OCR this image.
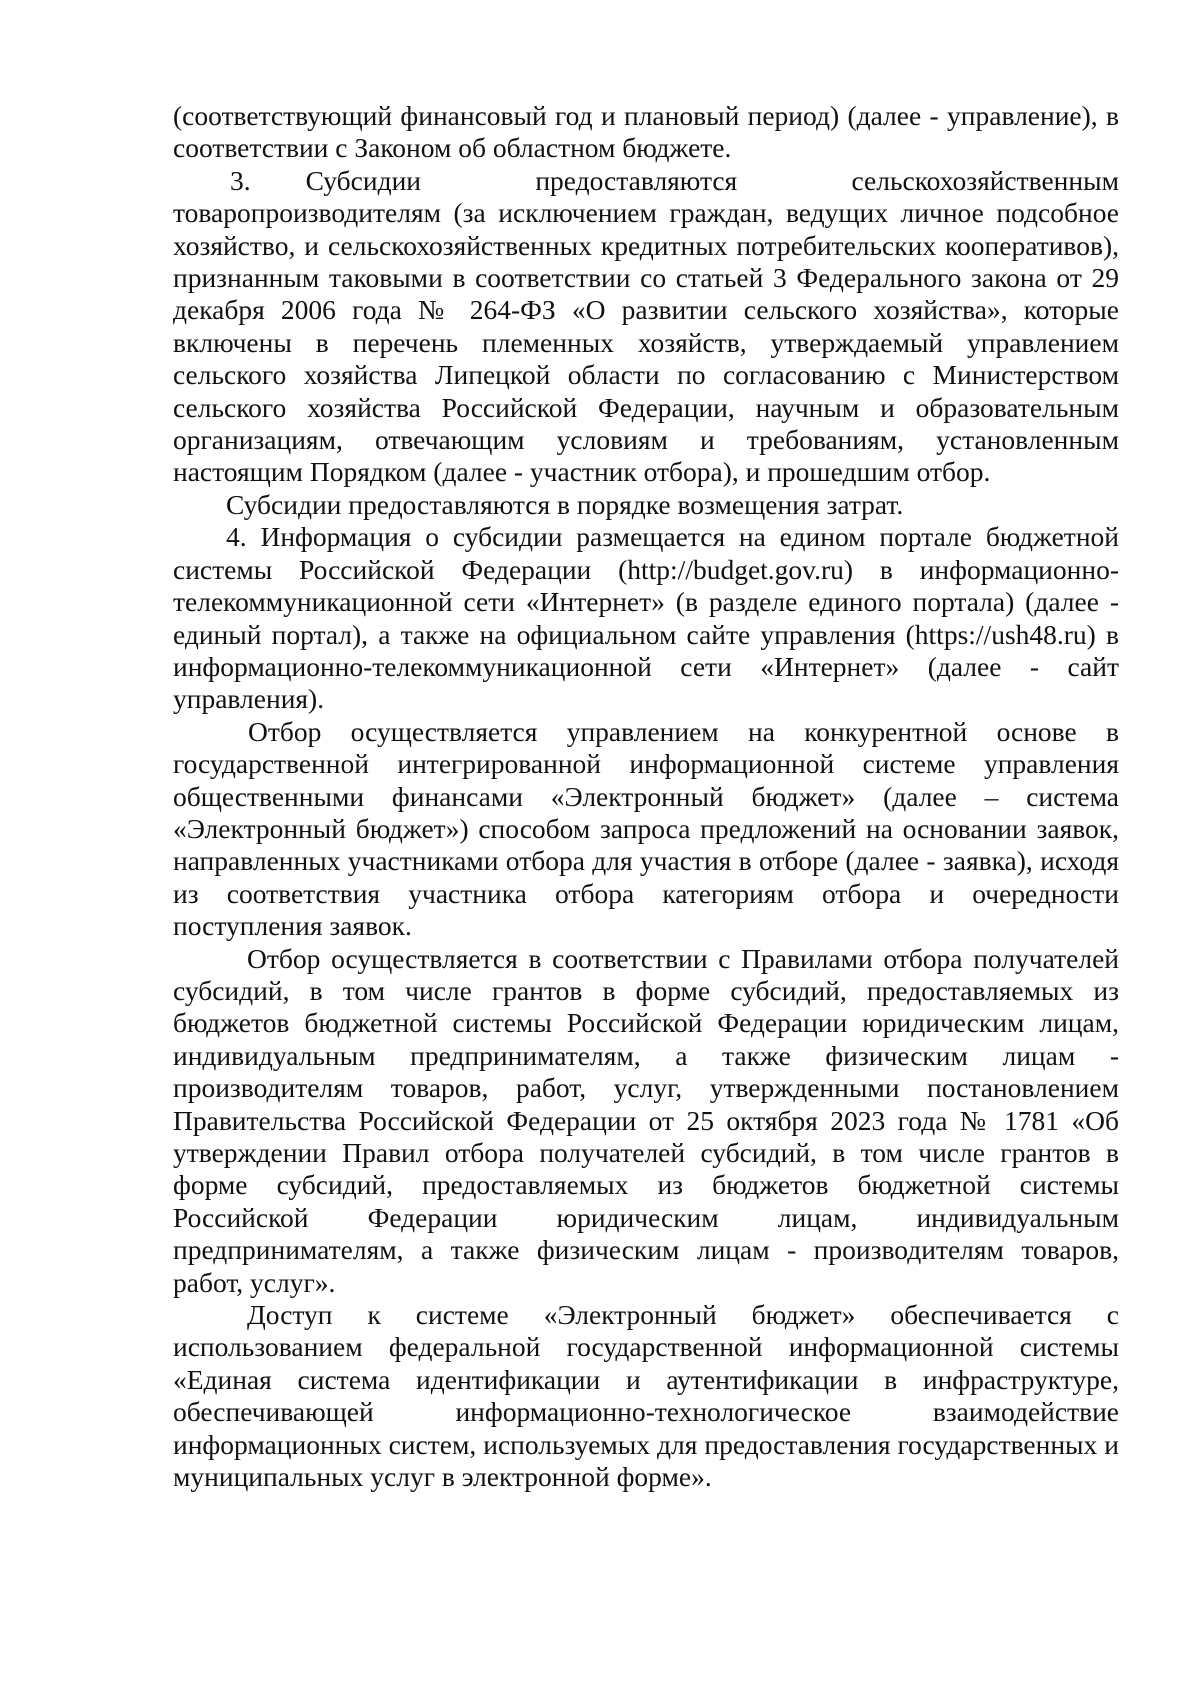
(соответствующий финансовый год и плановый период) (далее - управление), в соответствии с Законом об областном бюджете.

3.  Субсидии предоставляются сельскохозяйственным товаропроизводителям (за исключением граждан, ведущих личное подсобное хозяйство, и сельскохозяйственных кредитных потребительских кооперативов), признанным таковыми в соответствии со статьей 3 Федерального закона от 29 декабря 2006 года № 264-ФЗ «О развитии сельского хозяйства», которые включены в перечень племенных хозяйств, утверждаемый управлением сельского хозяйства Липецкой области по согласованию с Министерством сельского хозяйства Российской Федерации, научным и образовательным организациям, отвечающим условиям и требованиям, установленным настоящим Порядком (далее - участник отбора), и прошедшим отбор.

Субсидии предоставляются в порядке возмещения затрат.

4. Информация о субсидии размещается на едином портале бюджетной системы Российской Федерации (http://budget.gov.ru) в информационно-телекоммуникационной сети «Интернет» (в разделе единого портала) (далее - единый портал), а также на официальном сайте управления (https://ush48.ru) в информационно-телекоммуникационной сети «Интернет» (далее - сайт управления).

Отбор осуществляется управлением на конкурентной основе в государственной интегрированной информационной системе управления общественными финансами «Электронный бюджет» (далее – система «Электронный бюджет») способом запроса предложений на основании заявок, направленных участниками отбора для участия в отборе (далее - заявка), исходя из соответствия участника отбора категориям отбора и очередности поступления заявок.

Отбор осуществляется в соответствии с Правилами отбора получателей субсидий, в том числе грантов в форме субсидий, предоставляемых из бюджетов бюджетной системы Российской Федерации юридическим лицам, индивидуальным предпринимателям, а также физическим лицам - производителям товаров, работ, услуг, утвержденными постановлением Правительства Российской Федерации от 25 октября 2023 года № 1781 «Об утверждении Правил отбора получателей субсидий, в том числе грантов в форме субсидий, предоставляемых из бюджетов бюджетной системы Российской Федерации юридическим лицам, индивидуальным предпринимателям, а также физическим лицам - производителям товаров, работ, услуг».

Доступ к системе «Электронный бюджет» обеспечивается с использованием федеральной государственной информационной системы «Единая система идентификации и аутентификации в инфраструктуре, обеспечивающей информационно-технологическое взаимодействие информационных систем, используемых для предоставления государственных и муниципальных услуг в электронной форме».
